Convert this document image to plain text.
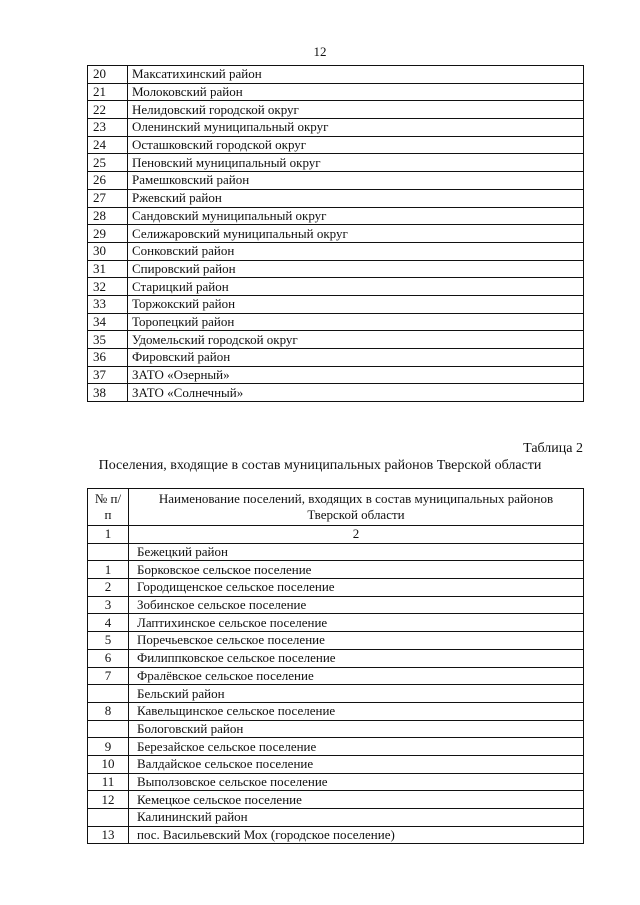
12
20	Максатихинский район
21	Молоковский район
22	Нелидовский городской округ
23	Оленинский муниципальный округ
24	Осташковский городской округ
25	Пеновский муниципальный округ
26	Рамешковский район
27	Ржевский район
28	Сандовский муниципальный округ
29	Селижаровский муниципальный округ
30	Сонковский район
31	Спировский район
32	Старицкий район
33	Торжокский район
34	Торопецкий район
35	Удомельский городской округ
36	Фировский район
37	ЗАТО «Озерный»
38	ЗАТО «Солнечный»
Таблица 2
Поселения, входящие в состав муниципальных районов Тверской области
№ п/п	Наименование поселений, входящих в состав муниципальных районов Тверской области
1	2
	Бежецкий район
1	Борковское сельское поселение
2	Городищенское сельское поселение
3	Зобинское сельское поселение
4	Лаптихинское сельское поселение
5	Поречьевское сельское поселение
6	Филиппковское сельское поселение
7	Фралёвское сельское поселение
	Бельский район
8	Кавельщинское сельское поселение
	Бологовский район
9	Березайское сельское поселение
10	Валдайское сельское поселение
11	Выползовское сельское поселение
12	Кемецкое сельское поселение
	Калининский район
13	пос. Васильевский Мох (городское поселение)
